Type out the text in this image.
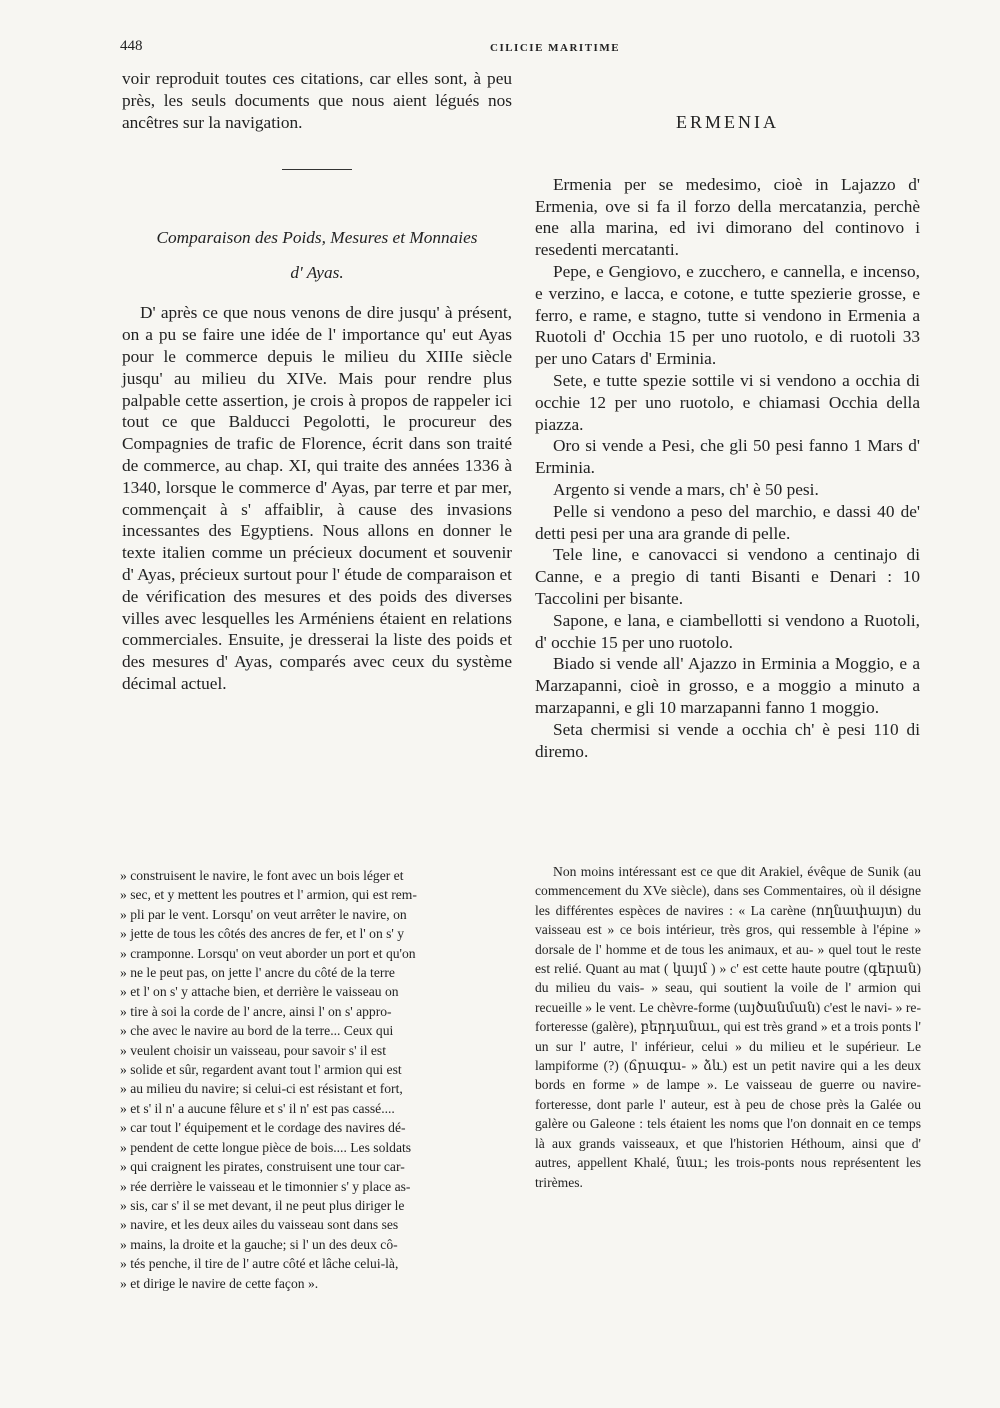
448	CILICIE MARITIME

voir reproduit toutes ces citations, car elles sont, à peu près, les seuls documents que nous aient légués nos ancêtres sur la navigation.

Comparaison des Poids, Mesures et Monnaies
d' Ayas.

D' après ce que nous venons de dire jusqu' à présent, on a pu se faire une idée de l' importance qu' eut Ayas pour le commerce depuis le milieu du XIIIe siècle jusqu' au milieu du XIVe. Mais pour rendre plus palpable cette assertion, je crois à propos de rappeler ici tout ce que Balducci Pegolotti, le procureur des Compagnies de trafic de Florence, écrit dans son traité de commerce, au chap. XI, qui traite des années 1336 à 1340, lorsque le commerce d' Ayas, par terre et par mer, commençait à s' affaiblir, à cause des invasions incessantes des Egyptiens. Nous allons en donner le texte italien comme un précieux document et souvenir d' Ayas, précieux surtout pour l' étude de comparaison et de vérification des mesures et des poids des diverses villes avec lesquelles les Arméniens étaient en relations commerciales. Ensuite, je dresserai la liste des poids et des mesures d' Ayas, comparés avec ceux du système décimal actuel.

ERMENIA

Ermenia per se medesimo, cioè in Lajazzo d' Ermenia, ove si fa il forzo della mercatanzia, perchè ene alla marina, ed ivi dimorano del continovo i resedenti mercatanti.

Pepe, e Gengiovo, e zucchero, e cannella, e incenso, e verzino, e lacca, e cotone, e tutte spezierie grosse, e ferro, e rame, e stagno, tutte si vendono in Ermenia a Ruotoli d' Occhia 15 per uno ruotolo, e di ruotoli 33 per uno Catars d' Erminia.

Sete, e tutte spezie sottile vi si vendono a occhia di occhie 12 per uno ruotolo, e chiamasi Occhia della piazza.

Oro si vende a Pesi, che gli 50 pesi fanno 1 Mars d' Erminia.

Argento si vende a mars, ch' è 50 pesi.

Pelle si vendono a peso del marchio, e dassi 40 de' detti pesi per una ara grande di pelle.

Tele line, e canovacci si vendono a centinajo di Canne, e a pregio di tanti Bisanti e Denari : 10 Taccolini per bisante.

Sapone, e lana, e ciambellotti si vendono a Ruotoli, d' occhie 15 per uno ruotolo.

Biado si vende all' Ajazzo in Erminia a Moggio, e a Marzapanni, cioè in grosso, e a moggio a minuto a marzapanni, e gli 10 marzapanni fanno 1 moggio.

Seta chermisi si vende a occhia ch' è pesi 110 di diremo.

» construisent le navire, le font avec un bois léger et
» sec, et y mettent les poutres et l' armion, qui est rem-
» pli par le vent. Lorsqu' on veut arrêter le navire, on
» jette de tous les côtés des ancres de fer, et l' on s' y
» cramponne. Lorsqu' on veut aborder un port et qu'on
» ne le peut pas, on jette l' ancre du côté de la terre
» et l' on s' y attache bien, et derrière le vaisseau on
» tire à soi la corde de l' ancre, ainsi l' on s' appro-
» che avec le navire au bord de la terre... Ceux qui
» veulent choisir un vaisseau, pour savoir s' il est
» solide et sûr, regardent avant tout l' armion qui est
» au milieu du navire; si celui-ci est résistant et fort,
» et s' il n' a aucune fêlure et s' il n' est pas cassé....
» car tout l' équipement et le cordage des navires dé-
» pendent de cette longue pièce de bois.... Les soldats
» qui craignent les pirates, construisent une tour car-
» rée derrière le vaisseau et le timonnier s' y place as-
» sis, car s' il se met devant, il ne peut plus diriger le
» navire, et les deux ailes du vaisseau sont dans ses
» mains, la droite et la gauche; si l' un des deux cô-
» tés penche, il tire de l' autre côté et lâche celui-là,
» et dirige le navire de cette façon ».

Non moins intéressant est ce que dit Arakiel, évêque de Sunik (au commencement du XVe siècle), dans ses Commentaires, où il désigne les différentes espèces de navires : « La carène (ողնափայտ) du vaisseau est » ce bois intérieur, très gros, qui ressemble à l'épine » dorsale de l' homme et de tous les animaux, et au- » quel tout le reste est relié. Quant au mat ( կայմ ) » c' est cette haute poutre (գերան) du milieu du vais- » seau, qui soutient la voile de l' armion qui recueille » le vent. Le chèvre-forme (այծանման) c'est le navi- » re-forteresse (galère), բերդանաւ, qui est très grand » et a trois ponts l' un sur l' autre, l' inférieur, celui » du milieu et le supérieur. Le lampiforme (?) (ճրագա- » ձև) est un petit navire qui a les deux bords en forme » de lampe ». Le vaisseau de guerre ou navire-forteresse, dont parle l' auteur, est à peu de chose près la Galée ou galère ou Galeone : tels étaient les noms que l'on donnait en ce temps là aux grands vaisseaux, et que l'historien Héthoum, ainsi que d' autres, appellent Khalé, նաւ; les trois-ponts nous représentent les trirèmes.
